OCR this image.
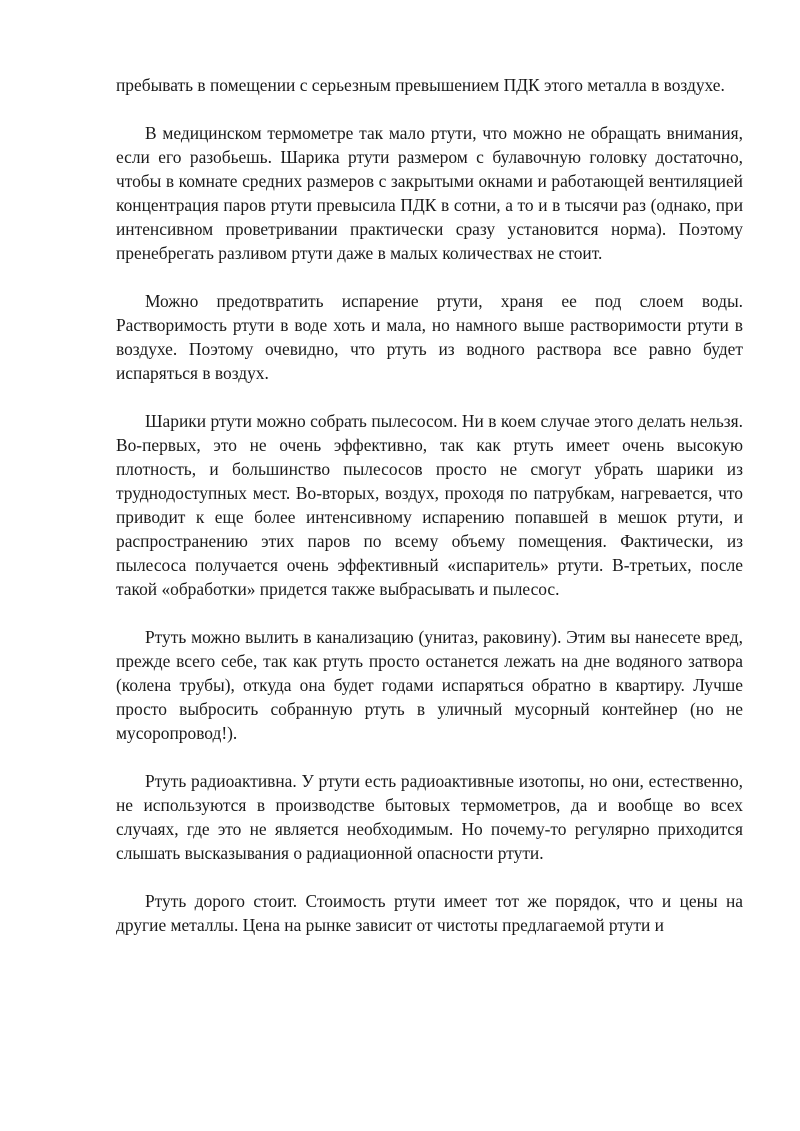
пребывать в помещении с серьезным превышением ПДК этого металла в воздухе.

В медицинском термометре так мало ртути, что можно не обращать внимания, если его разобьешь. Шарика ртути размером с булавочную головку достаточно, чтобы в комнате средних размеров с закрытыми окнами и работающей вентиляцией концентрация паров ртути превысила ПДК в сотни, а то и в тысячи раз (однако, при интенсивном проветривании практически сразу установится норма). Поэтому пренебрегать разливом ртути даже в малых количествах не стоит.

Можно предотвратить испарение ртути, храня ее под слоем воды. Растворимость ртути в воде хоть и мала, но намного выше растворимости ртути в воздухе. Поэтому очевидно, что ртуть из водного раствора все равно будет испаряться в воздух.

Шарики ртути можно собрать пылесосом. Ни в коем случае этого делать нельзя. Во-первых, это не очень эффективно, так как ртуть имеет очень высокую плотность, и большинство пылесосов просто не смогут убрать шарики из труднодоступных мест. Во-вторых, воздух, проходя по патрубкам, нагревается, что приводит к еще более интенсивному испарению попавшей в мешок ртути, и распространению этих паров по всему объему помещения. Фактически, из пылесоса получается очень эффективный «испаритель» ртути. В-третьих, после такой «обработки» придется также выбрасывать и пылесос.

Ртуть можно вылить в канализацию (унитаз, раковину). Этим вы нанесете вред, прежде всего себе, так как ртуть просто останется лежать на дне водяного затвора (колена трубы), откуда она будет годами испаряться обратно в квартиру. Лучше просто выбросить собранную ртуть в уличный мусорный контейнер (но не мусоропровод!).

Ртуть радиоактивна. У ртути есть радиоактивные изотопы, но они, естественно, не используются в производстве бытовых термометров, да и вообще во всех случаях, где это не является необходимым. Но почему-то регулярно приходится слышать высказывания о радиационной опасности ртути.

Ртуть дорого стоит. Стоимость ртути имеет тот же порядок, что и цены на другие металлы. Цена на рынке зависит от чистоты предлагаемой ртути и
